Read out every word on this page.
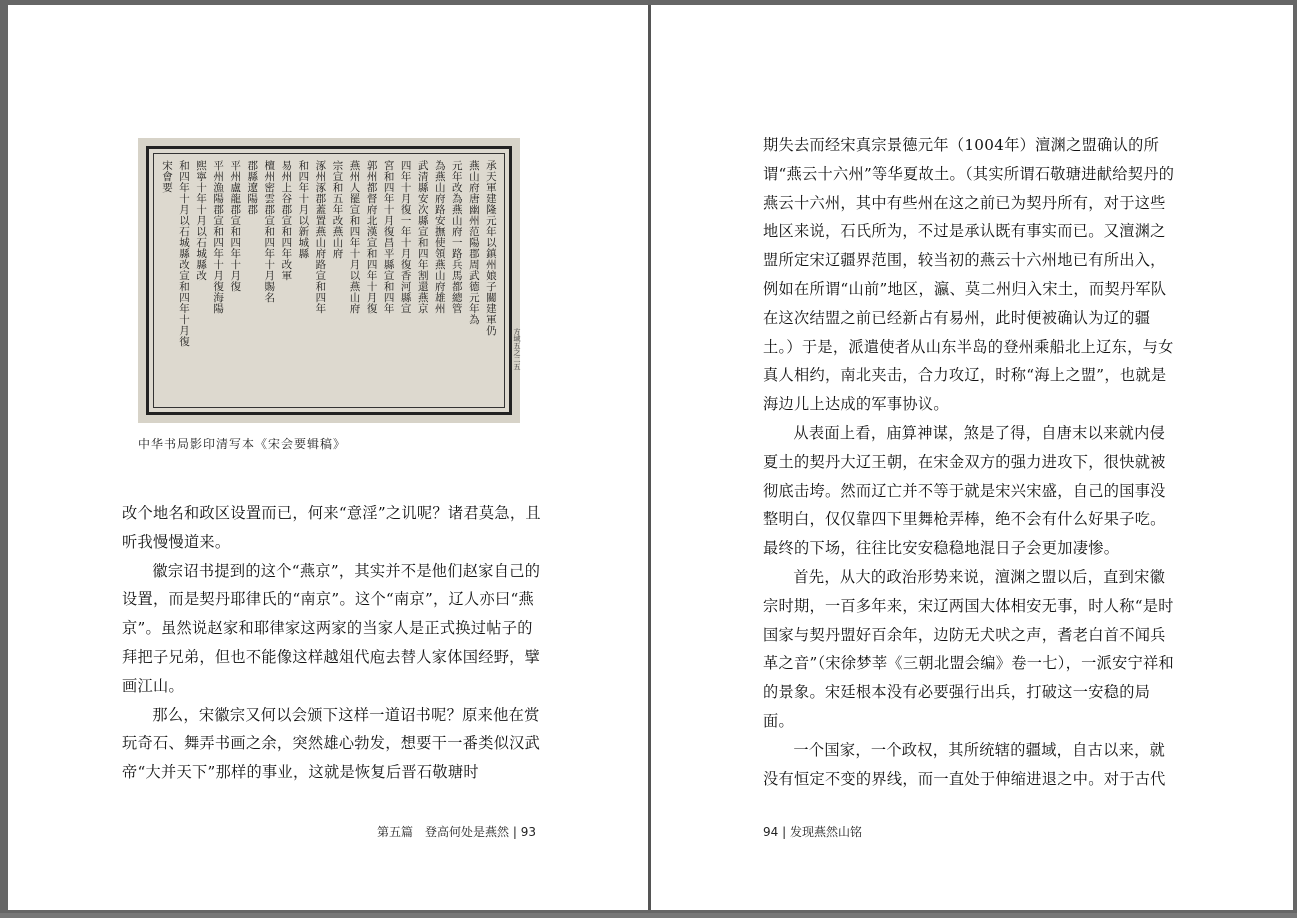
承天軍建隆元年以鎮州娘子關建軍仍
燕山府唐幽州范陽郡周武德元年為
元年改為燕山府一路兵馬都總管
為燕山府路安撫使領燕山府雄州
武清縣安次縣宣和四年割還燕京
四年十月復一年十月復香河縣宣
宮和四年十月復昌平縣宣和四年
郭州都督府北漢宣和四年十月復
燕州人罷宣和四年十月以燕山府
宗宣和五年改燕山府
涿州涿郡蓋置燕山府路宣和四年
和四年十月以新城縣
易州上谷郡宣和四年改軍
檀州密雲郡宣和四年十月賜名
郡縣遼陽郡
平州盧龍郡宣和四年十月復
平州漁陽郡宣和四年十月復海陽
熙寧十年十月以石城縣改
和四年十月以石城縣改宣和四年十月復
宋會要
方域五之二五
中华书局影印清写本《宋会要辑稿》

改个地名和政区设置而已，何来“意淫”之讥呢？诸君莫急，且听我慢慢道来。

徽宗诏书提到的这个“燕京”，其实并不是他们赵家自己的设置，而是契丹耶律氏的“南京”。这个“南京”，辽人亦曰“燕京”。虽然说赵家和耶律家这两家的当家人是正式换过帖子的拜把子兄弟，但也不能像这样越俎代庖去替人家体国经野，擘画江山。

那么，宋徽宗又何以会颁下这样一道诏书呢？原来他在赏玩奇石、舞弄书画之余，突然雄心勃发，想要干一番类似汉武帝“大并天下”那样的事业，这就是恢复后晋石敬瑭时

第五篇　登高何处是燕然 | 93

期失去而经宋真宗景德元年（1004年）澶渊之盟确认的所谓“燕云十六州”等华夏故土。（其实所谓石敬瑭进献给契丹的燕云十六州，其中有些州在这之前已为契丹所有，对于这些地区来说，石氏所为，不过是承认既有事实而已。又澶渊之盟所定宋辽疆界范围，较当初的燕云十六州地已有所出入，例如在所谓“山前”地区，瀛、莫二州归入宋土，而契丹军队在这次结盟之前已经新占有易州，此时便被确认为辽的疆土。）于是，派遣使者从山东半岛的登州乘船北上辽东，与女真人相约，南北夹击，合力攻辽，时称“海上之盟”，也就是海边儿上达成的军事协议。

从表面上看，庙算神谋，煞是了得，自唐末以来就内侵夏土的契丹大辽王朝，在宋金双方的强力进攻下，很快就被彻底击垮。然而辽亡并不等于就是宋兴宋盛，自己的国事没整明白，仅仅靠四下里舞枪弄棒，绝不会有什么好果子吃。最终的下场，往往比安安稳稳地混日子会更加凄惨。

首先，从大的政治形势来说，澶渊之盟以后，直到宋徽宗时期，一百多年来，宋辽两国大体相安无事，时人称“是时国家与契丹盟好百余年，边防无犬吠之声，耆老白首不闻兵革之音”（宋徐梦莘《三朝北盟会编》卷一七），一派安宁祥和的景象。宋廷根本没有必要强行出兵，打破这一安稳的局面。

一个国家，一个政权，其所统辖的疆域，自古以来，就没有恒定不变的界线，而一直处于伸缩进退之中。对于古代

94 | 发现燕然山铭
